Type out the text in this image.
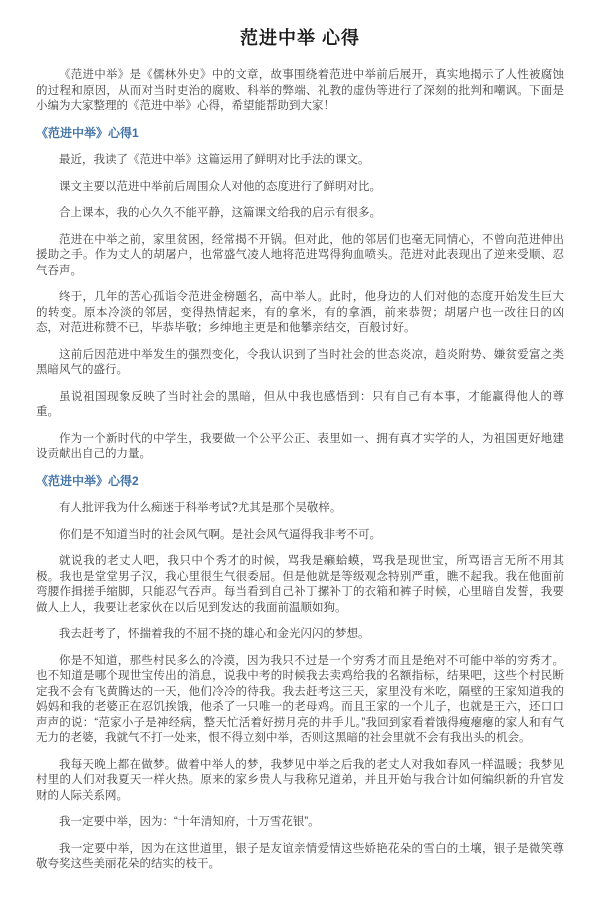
范进中举 心得

《范进中举》是《儒林外史》中的文章，故事围绕着范进中举前后展开，真实地揭示了人性被腐蚀的过程和原因，从而对当时吏治的腐败、科举的弊端、礼教的虚伪等进行了深刻的批判和嘲讽。下面是小编为大家整理的《范进中举》心得，希望能帮助到大家！

《范进中举》心得1

最近，我读了《范进中举》这篇运用了鲜明对比手法的课文。

课文主要以范进中举前后周围众人对他的态度进行了鲜明对比。

合上课本，我的心久久不能平静，这篇课文给我的启示有很多。

范进在中举之前，家里贫困，经常揭不开锅。但对此，他的邻居们也毫无同情心，不曾向范进伸出援助之手。作为丈人的胡屠户，也常盛气凌人地将范进骂得狗血喷头。范进对此表现出了逆来受顺、忍气吞声。

终于，几年的苦心孤诣令范进金榜题名，高中举人。此时，他身边的人们对他的态度开始发生巨大的转变。原本冷淡的邻居，变得热情起来，有的拿米，有的拿酒，前来恭贺；胡屠户也一改往日的凶态，对范进称赞不已，毕恭毕敬；乡绅地主更是和他攀亲结交，百般讨好。

这前后因范进中举发生的强烈变化，令我认识到了当时社会的世态炎凉，趋炎附势、嫌贫爱富之类黑暗风气的盛行。

虽说祖国现象反映了当时社会的黑暗，但从中我也感悟到：只有自己有本事，才能赢得他人的尊重。

作为一个新时代的中学生，我要做一个公平公正、表里如一、拥有真才实学的人，为祖国更好地建设贡献出自己的力量。

《范进中举》心得2

有人批评我为什么痴迷于科举考试?尤其是那个吴敬梓。

你们是不知道当时的社会风气啊。是社会风气逼得我非考不可。

就说我的老丈人吧，我只中个秀才的时候，骂我是癞蛤蟆，骂我是现世宝，所骂语言无所不用其极。我也是堂堂男子汉，我心里很生气很委屈。但是他就是等级观念特别严重，瞧不起我。我在他面前弯腰作揖搓手缩脚，只能忍气吞声。每当看到自己补丁摞补丁的衣箱和裤子时候，心里暗自发誓，我要做人上人，我要让老家伙在以后见到发达的我面前温顺如狗。

我去赶考了，怀揣着我的不屈不挠的雄心和金光闪闪的梦想。

你是不知道，那些村民多么的冷漠，因为我只不过是一个穷秀才而且是绝对不可能中举的穷秀才。也不知道是哪个现世宝传出的消息，说我中考的时候我去卖鸡给我的名额指标，结果吧，这些个村民断定我不会有飞黄腾达的一天，他们冷冷的待我。我去赶考这三天，家里没有米吃，隔壁的王家知道我的妈妈和我的老婆正在忍饥挨饿，他杀了一只唯一的老母鸡。而且王家的一个儿子，也就是王六，还口口声声的说：“范家小子是神经病，整天忙活着好捞月亮的井手儿。”我回到家看着饿得瘦瘪瘪的家人和有气无力的老婆，我就气不打一处来，恨不得立刻中举，否则这黑暗的社会里就不会有我出头的机会。

我每天晚上都在做梦。做着中举人的梦，我梦见中举之后我的老丈人对我如春风一样温暖；我梦见村里的人们对我夏天一样火热。原来的家乡贵人与我称兄道弟，并且开始与我合计如何编织新的升官发财的人际关系网。

我一定要中举，因为：“十年清知府，十万雪花银”。

我一定要中举，因为在这世道里，银子是友谊亲情爱情这些娇艳花朵的雪白的土壤，银子是微笑尊敬夸奖这些美丽花朵的结实的枝干。
